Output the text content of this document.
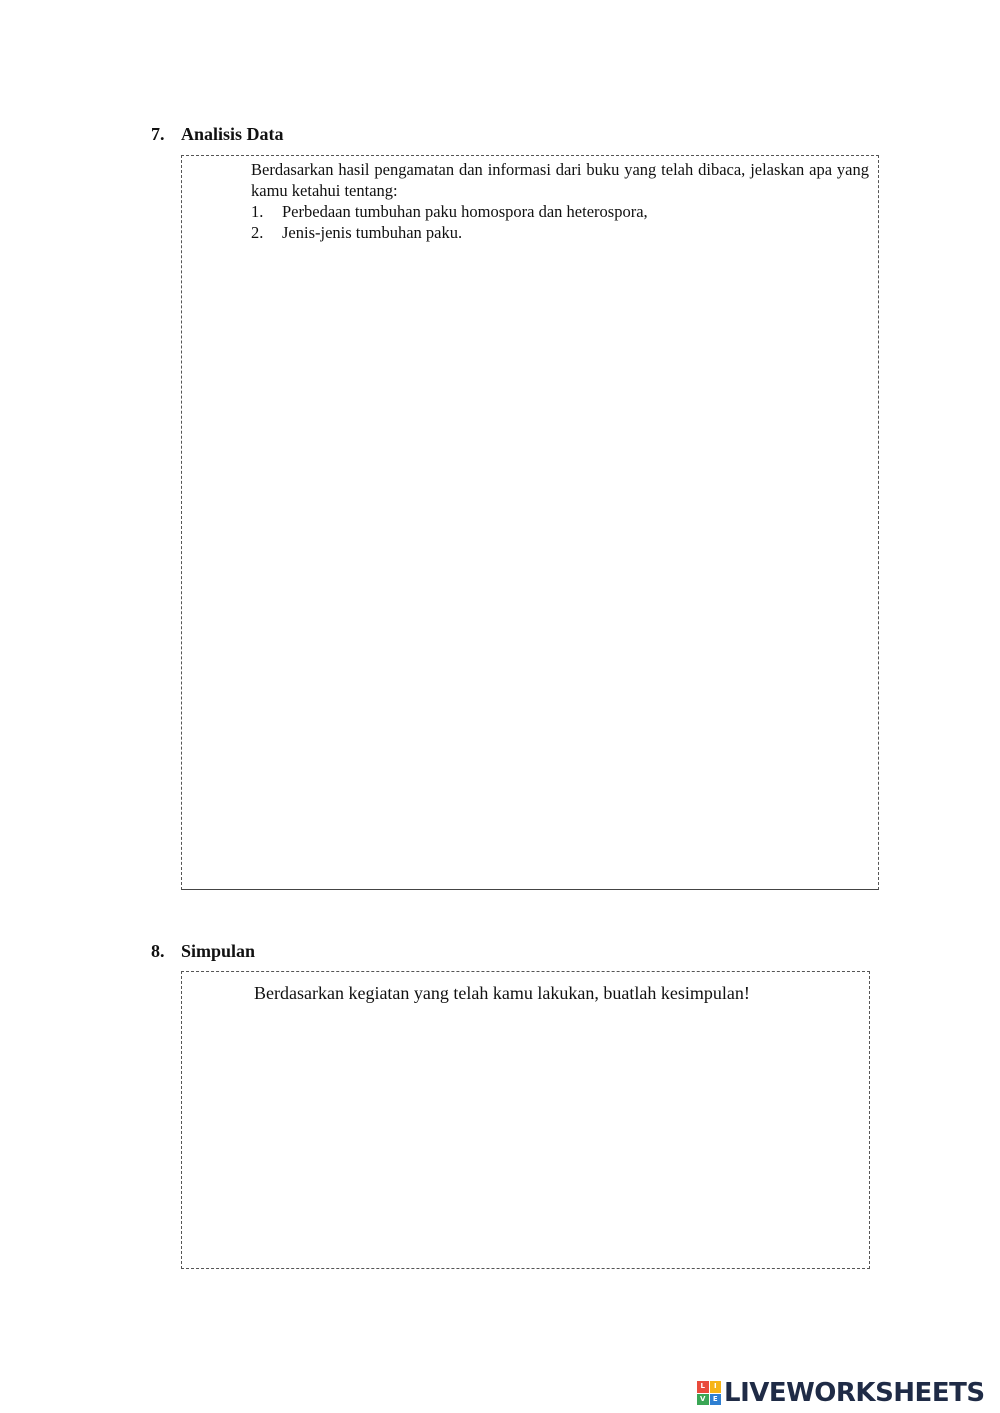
7. Analisis Data
Berdasarkan hasil pengamatan dan informasi dari buku yang telah dibaca, jelaskan apa yang kamu ketahui tentang:
1.	Perbedaan tumbuhan paku homospora dan heterospora,
2.	Jenis-jenis tumbuhan paku.
8. Simpulan
Berdasarkan kegiatan yang telah kamu lakukan, buatlah kesimpulan!
L	I
V	E LIVEWORKSHEETS
